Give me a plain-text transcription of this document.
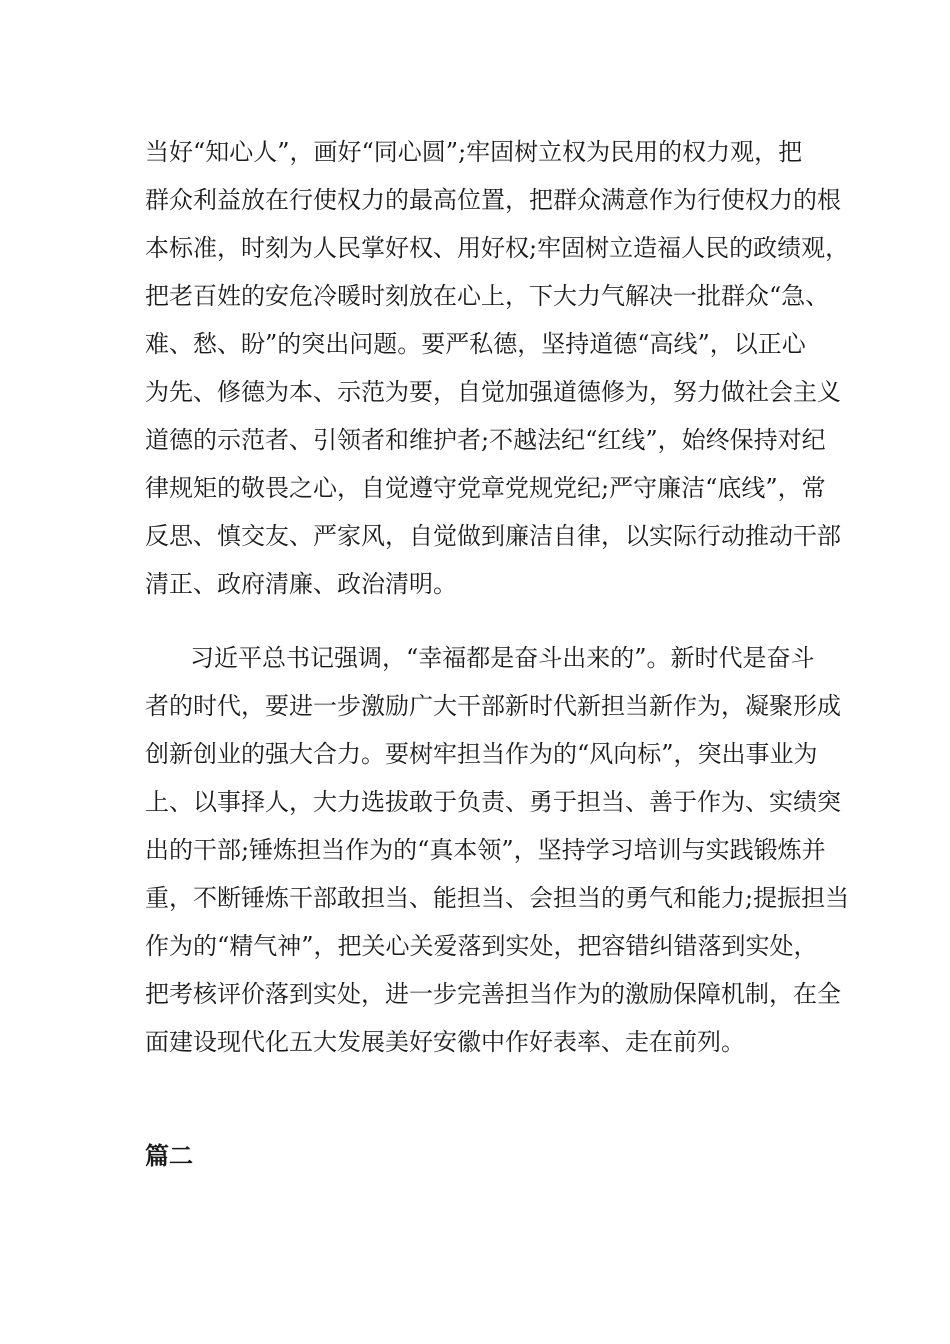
当好“知心人”，画好“同心圆”;牢固树立权为民用的权力观，把
群众利益放在行使权力的最高位置，把群众满意作为行使权力的根
本标准，时刻为人民掌好权、用好权;牢固树立造福人民的政绩观，
把老百姓的安危冷暖时刻放在心上，下大力气解决一批群众“急、
难、愁、盼”的突出问题。要严私德，坚持道德“高线”，以正心
为先、修德为本、示范为要，自觉加强道德修为，努力做社会主义
道德的示范者、引领者和维护者;不越法纪“红线”，始终保持对纪
律规矩的敬畏之心，自觉遵守党章党规党纪;严守廉洁“底线”，常
反思、慎交友、严家风，自觉做到廉洁自律，以实际行动推动干部
清正、政府清廉、政治清明。
习近平总书记强调，“幸福都是奋斗出来的”。新时代是奋斗
者的时代，要进一步激励广大干部新时代新担当新作为，凝聚形成
创新创业的强大合力。要树牢担当作为的“风向标”，突出事业为
上、以事择人，大力选拔敢于负责、勇于担当、善于作为、实绩突
出的干部;锤炼担当作为的“真本领”，坚持学习培训与实践锻炼并
重，不断锤炼干部敢担当、能担当、会担当的勇气和能力;提振担当
作为的“精气神”，把关心关爱落到实处，把容错纠错落到实处，
把考核评价落到实处，进一步完善担当作为的激励保障机制，在全
面建设现代化五大发展美好安徽中作好表率、走在前列。
篇二
